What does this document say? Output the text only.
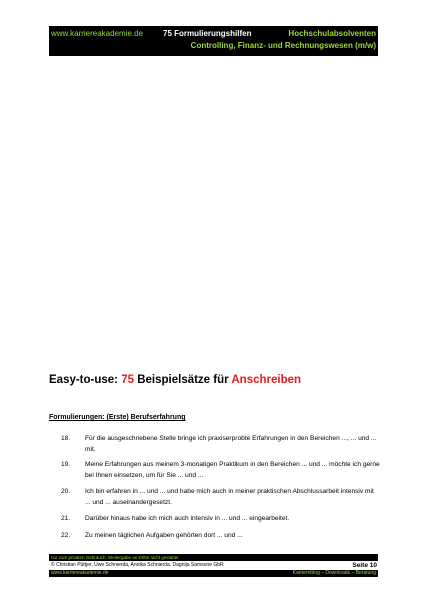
www.karriereakademie.de 75 Formulierungshilfen	Hochschulabsolventen
Controlling, Finanz- und Rechnungswesen (m/w)
Easy-to-use: 75 Beispielsätze für Anschreiben
Formulierungen: (Erste) Berufserfahrung
18. Für die ausgeschriebene Stelle bringe ich praxiserprobte Erfahrungen in den Bereichen ..., ... und ... mit.
19. Meine Erfahrungen aus meinem 3-monatigen Praktikum in den Bereichen ... und ... möchte ich gerne bei Ihnen einsetzen, um für Sie ... und ...
20. Ich bin erfahren in ... und ... und habe mich auch in meiner praktischen Abschlussarbeit intensiv mit ... und ... auseinandergesetzt.
21. Darüber hinaus habe ich mich auch intensiv in ... und ... eingearbeitet.
22. Zu meinen täglichen Aufgaben gehörten dort ... und ...
nur zum privaten Gebrauch, Weitergabe an Dritte nicht gestattet
© Christian Püttjer, Uwe Schnierda, Annika Schnierda, Dagnija Samsone GbR	Seite 10
www.karriereakademie.de	Karriereblog – Downloads – Beratung
